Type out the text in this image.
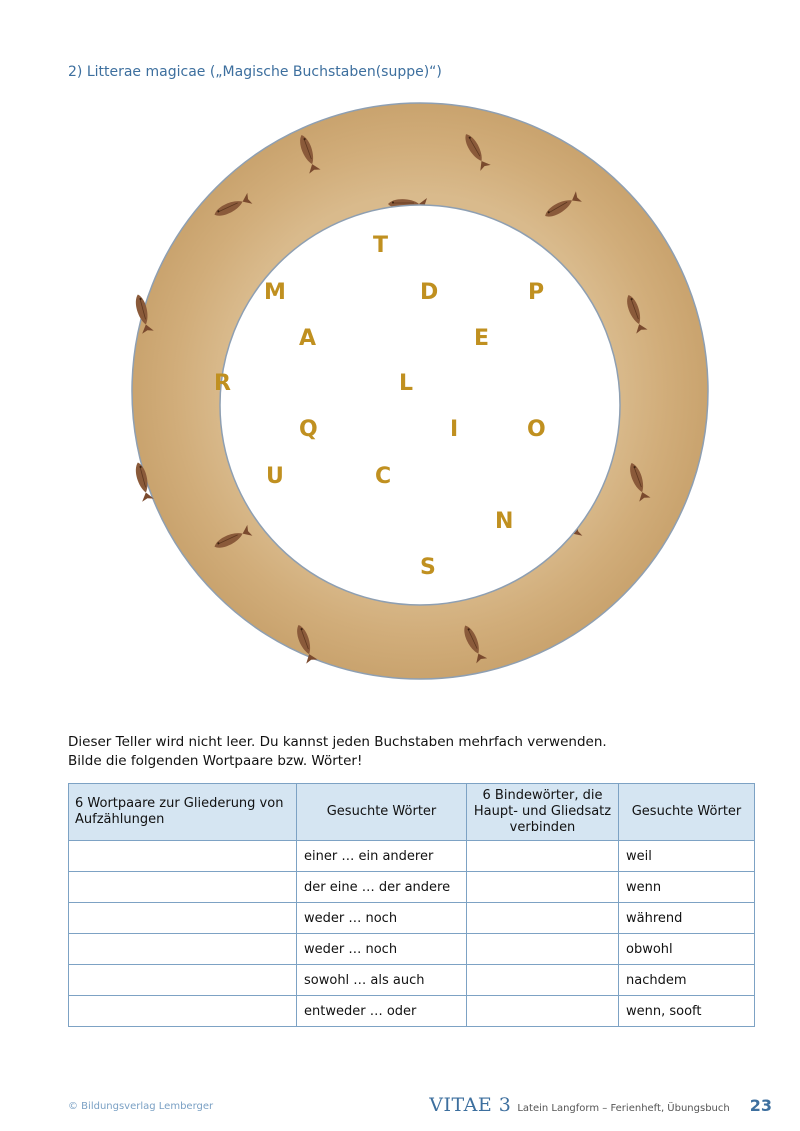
2) Litterae magicae („Magische Buchstaben(suppe)“)
T
M	D	P
A	E
R	L
Q	I	O
U	C
N
S
Dieser Teller wird nicht leer. Du kannst jeden Buchstaben mehrfach verwenden.
Bilde die folgenden Wortpaare bzw. Wörter!
6 Wortpaare zur Gliederung von Aufzählungen	Gesuchte Wörter	6 Bindewörter, die Haupt- und Gliedsatz verbinden	Gesuchte Wörter
	einer … ein anderer		weil
	der eine … der andere		wenn
	weder … noch		während
	weder … noch		obwohl
	sowohl … als auch		nachdem
	entweder … oder		wenn, sooft
© Bildungsverlag Lemberger	VITAE 3 Latein Langform – Ferienheft, Übungsbuch 23
